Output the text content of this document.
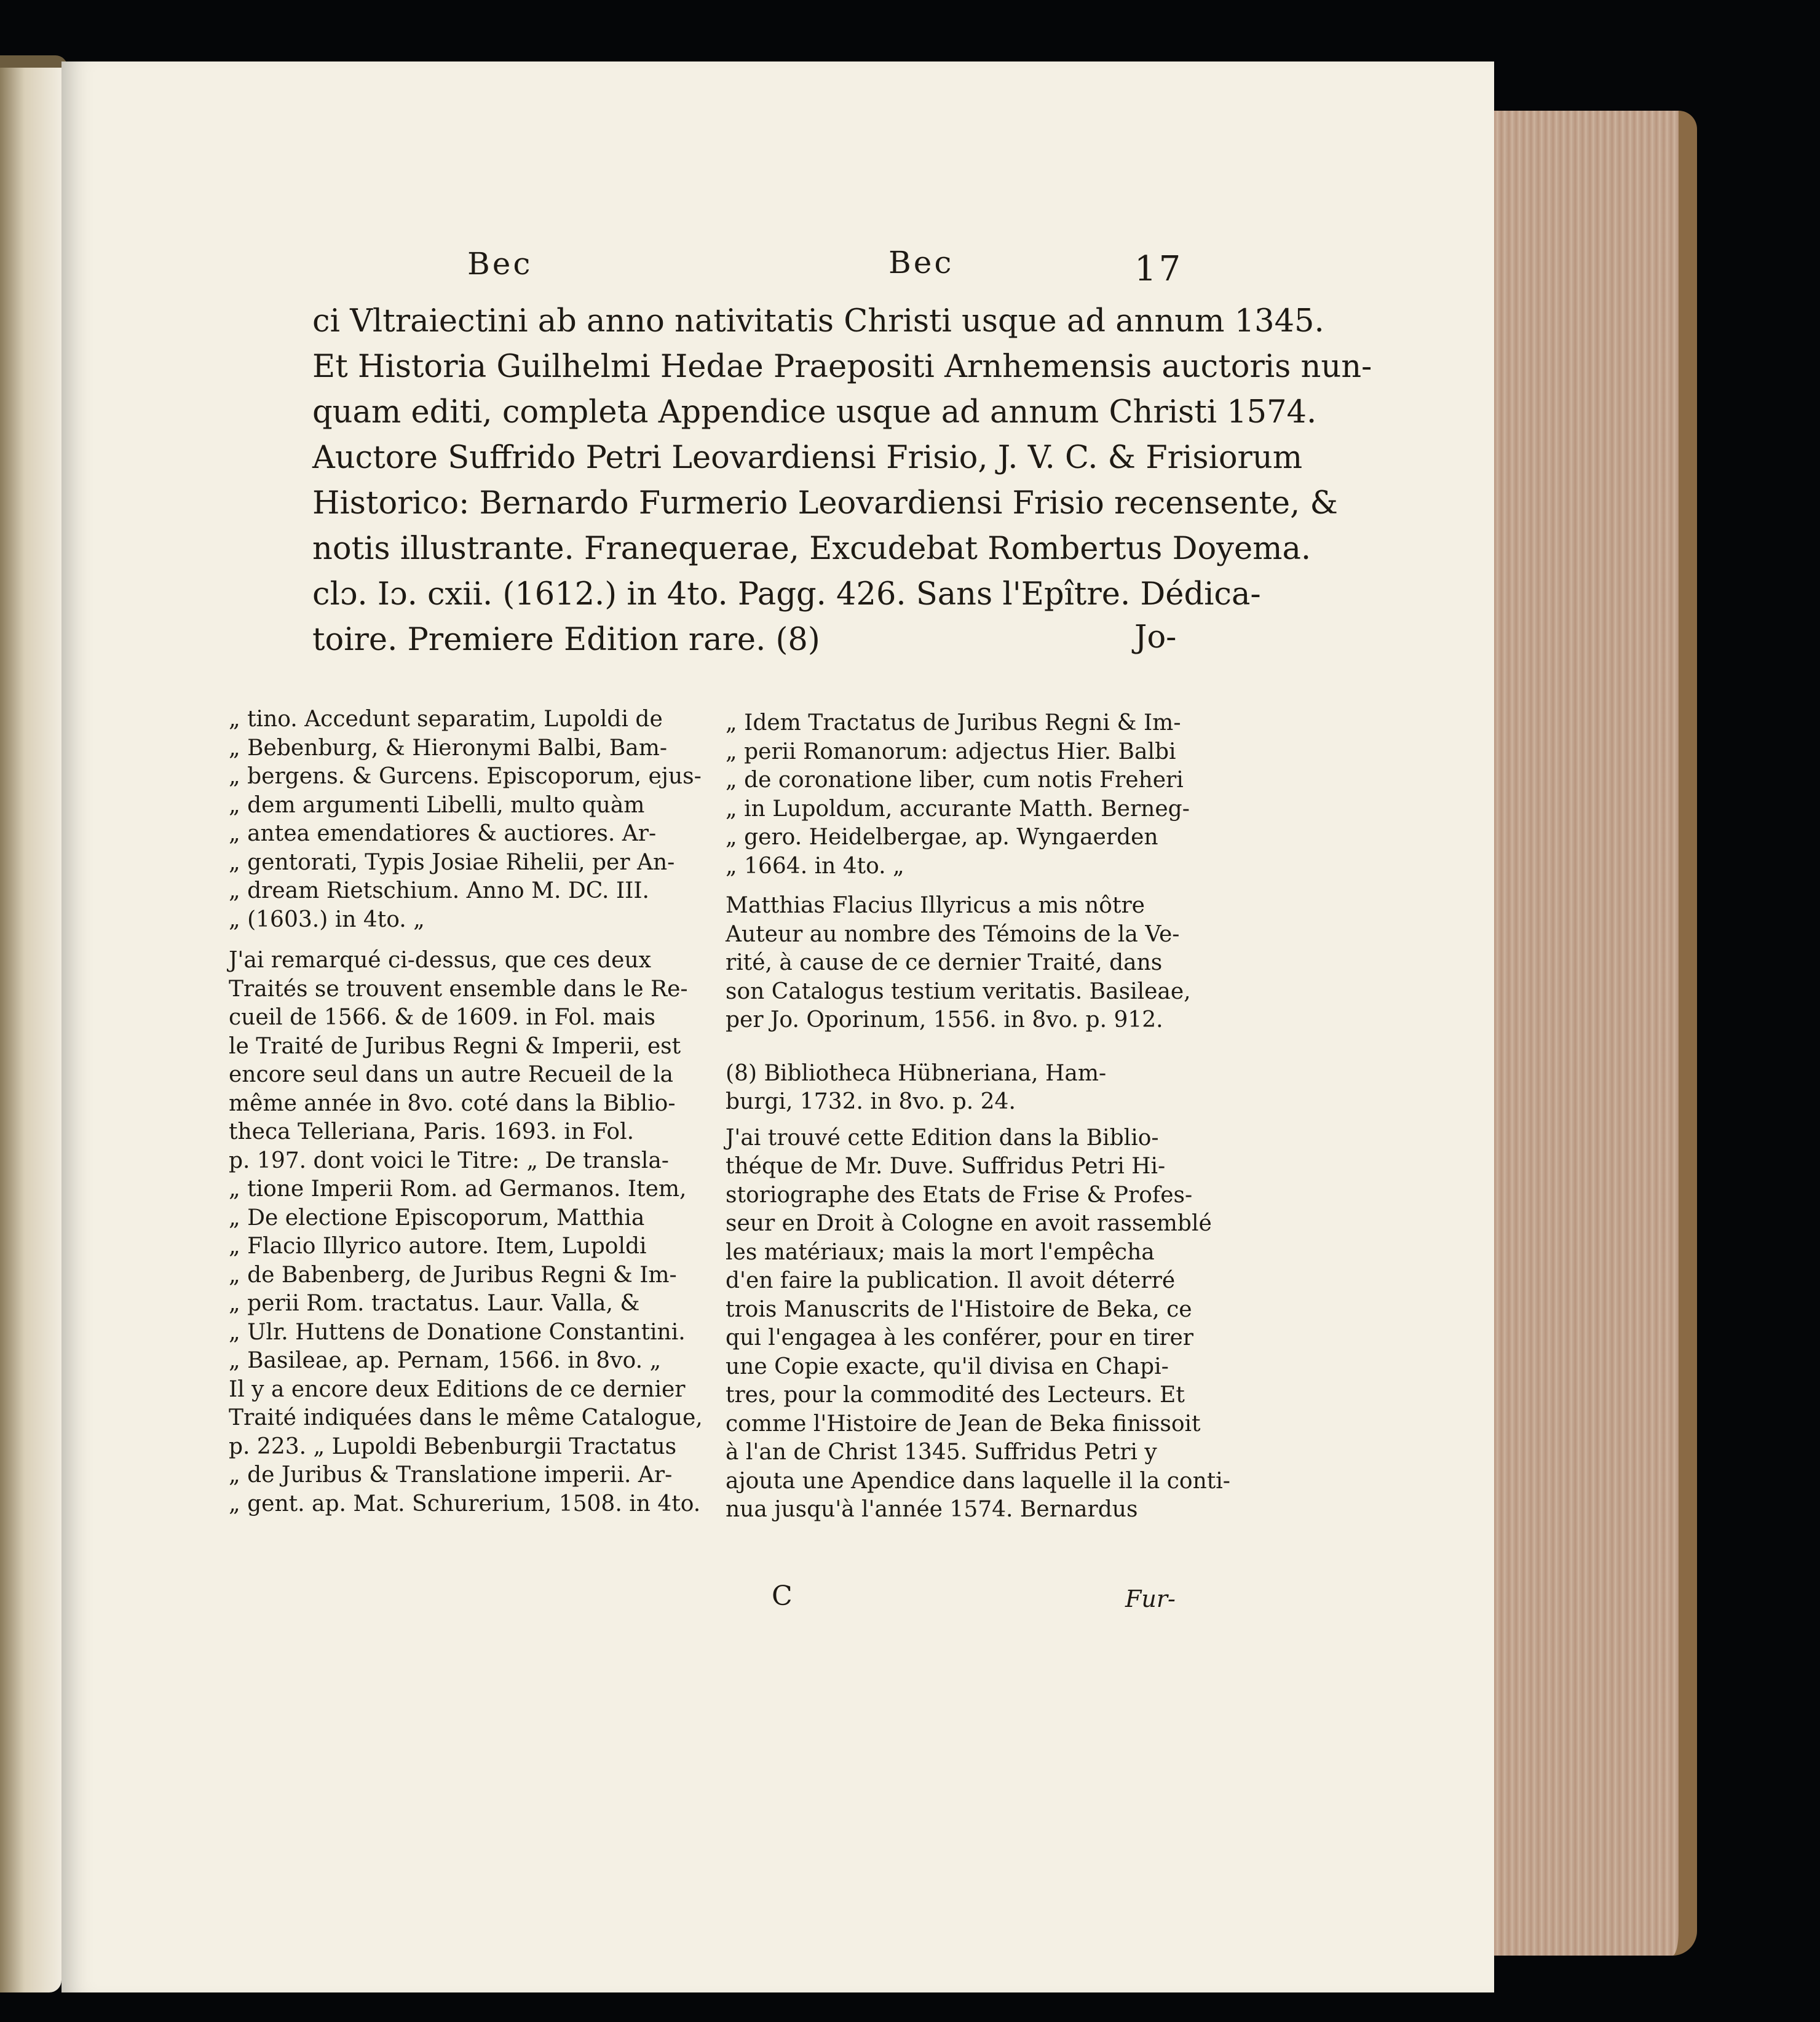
Bec	Bec	17
ci Vltraiectini ab anno nativitatis Christi usque ad annum 1345.
Et Historia Guilhelmi Hedae Praepositi Arnhemensis auctoris nun-
quam editi, completa Appendice usque ad annum Christi 1574.
Auctore Suffrido Petri Leovardiensi Frisio, J. V. C. & Frisiorum
Historico: Bernardo Furmerio Leovardiensi Frisio recensente, &
notis illustrante. Franequerae, Excudebat Rombertus Doyema.
clɔ. Iɔ. cxii. (1612.) in 4to. Pagg. 426. Sans l'Epître. Dédica-
toire. Premiere Edition rare. (8)	Jo-
„ tino. Accedunt separatim, Lupoldi de
„ Bebenburg, & Hieronymi Balbi, Bam-
„ bergens. & Gurcens. Episcoporum, ejus-
„ dem argumenti Libelli, multo quàm
„ antea emendatiores & auctiores. Ar-
„ gentorati, Typis Josiae Rihelii, per An-
„ dream Rietschium. Anno M. DC. III.
„ (1603.) in 4to. „
J'ai remarqué ci-dessus, que ces deux
Traités se trouvent ensemble dans le Re-
cueil de 1566. & de 1609. in Fol. mais
le Traité de Juribus Regni & Imperii, est
encore seul dans un autre Recueil de la
même année in 8vo. coté dans la Biblio-
theca Telleriana, Paris. 1693. in Fol.
p. 197. dont voici le Titre: „ De transla-
„ tione Imperii Rom. ad Germanos. Item,
„ De electione Episcoporum, Matthia
„ Flacio Illyrico autore. Item, Lupoldi
„ de Babenberg, de Juribus Regni & Im-
„ perii Rom. tractatus. Laur. Valla, &
„ Ulr. Huttens de Donatione Constantini.
„ Basileae, ap. Pernam, 1566. in 8vo. „
Il y a encore deux Editions de ce dernier
Traité indiquées dans le même Catalogue,
p. 223. „ Lupoldi Bebenburgii Tractatus
„ de Juribus & Translatione imperii. Ar-
„ gent. ap. Mat. Schurerium, 1508. in 4to.
„ Idem Tractatus de Juribus Regni & Im-
„ perii Romanorum: adjectus Hier. Balbi
„ de coronatione liber, cum notis Freheri
„ in Lupoldum, accurante Matth. Berneg-
„ gero. Heidelbergae, ap. Wyngaerden
„ 1664. in 4to. „
Matthias Flacius Illyricus a mis nôtre
Auteur au nombre des Témoins de la Ve-
rité, à cause de ce dernier Traité, dans
son Catalogus testium veritatis. Basileae,
per Jo. Oporinum, 1556. in 8vo. p. 912.
(8) Bibliotheca Hübneriana, Ham-
burgi, 1732. in 8vo. p. 24.
J'ai trouvé cette Edition dans la Biblio-
théque de Mr. Duve. Suffridus Petri Hi-
storiographe des Etats de Frise & Profes-
seur en Droit à Cologne en avoit rassemblé
les matériaux; mais la mort l'empêcha
d'en faire la publication. Il avoit déterré
trois Manuscrits de l'Histoire de Beka, ce
qui l'engagea à les conférer, pour en tirer
une Copie exacte, qu'il divisa en Chapi-
tres, pour la commodité des Lecteurs. Et
comme l'Histoire de Jean de Beka finissoit
à l'an de Christ 1345. Suffridus Petri y
ajouta une Apendice dans laquelle il la conti-
nua jusqu'à l'année 1574. Bernardus
C	Fur-
